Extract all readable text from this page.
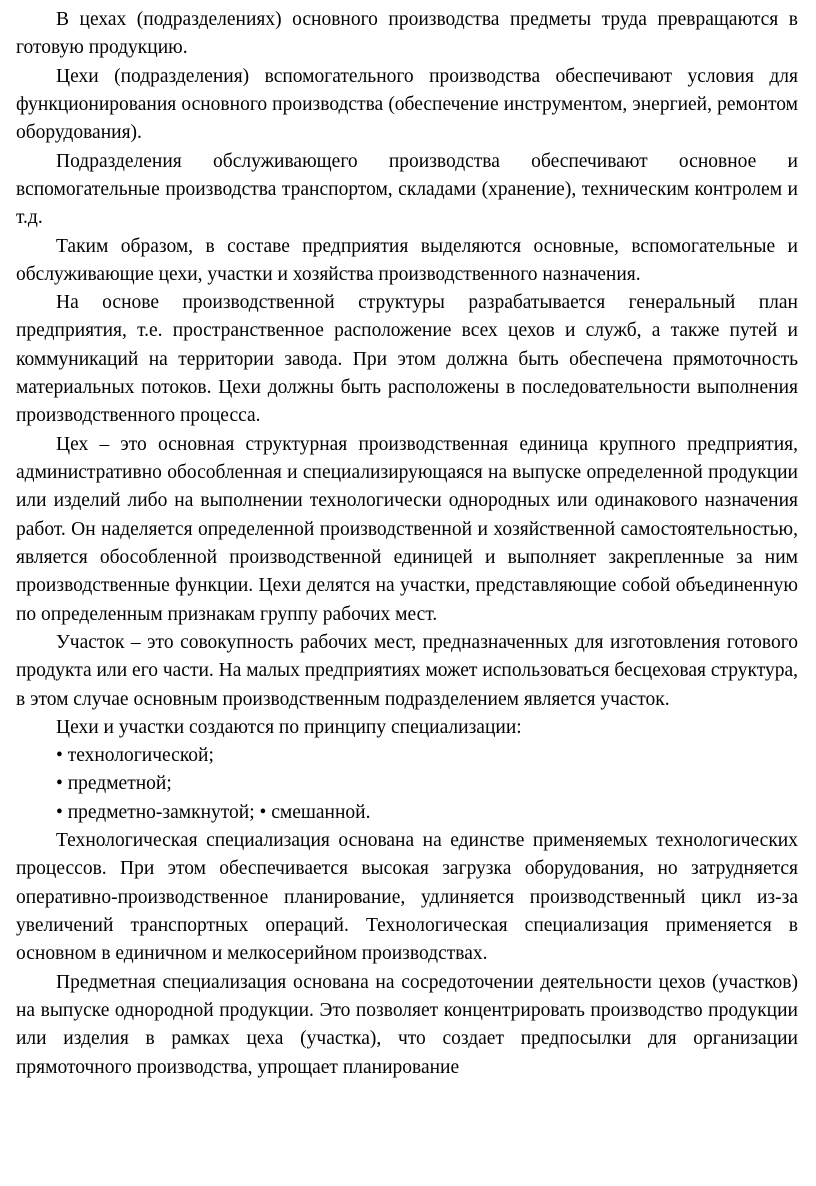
В цехах (подразделениях) основного производства предметы труда превращаются в готовую продукцию.

Цехи (подразделения) вспомогательного производства обеспечивают условия для функционирования основного производства (обеспечение инструментом, энергией, ремонтом оборудования).

Подразделения обслуживающего производства обеспечивают основное и вспомогательные производства транспортом, складами (хранение), техническим контролем и т.д.

Таким образом, в составе предприятия выделяются основные, вспомогательные и обслуживающие цехи, участки и хозяйства производственного назначения.

На основе производственной структуры разрабатывается генеральный план предприятия, т.е. пространственное расположение всех цехов и служб, а также путей и коммуникаций на территории завода. При этом должна быть обеспечена прямоточность материальных потоков. Цехи должны быть расположены в последовательности выполнения производственного процесса.

Цех – это основная структурная производственная единица крупного предприятия, административно обособленная и специализирующаяся на выпуске определенной продукции или изделий либо на выполнении технологически однородных или одинакового назначения работ. Он наделяется определенной производственной и хозяйственной самостоятельностью, является обособленной производственной единицей и выполняет закрепленные за ним производственные функции. Цехи делятся на участки, представляющие собой объединенную по определенным признакам группу рабочих мест.

Участок – это совокупность рабочих мест, предназначенных для изготовления готового продукта или его части. На малых предприятиях может использоваться бесцеховая структура, в этом случае основным производственным подразделением является участок.

Цехи и участки создаются по принципу специализации:

• технологической;

• предметной;

• предметно-замкнутой; • смешанной.

Технологическая специализация основана на единстве применяемых технологических процессов. При этом обеспечивается высокая загрузка оборудования, но затрудняется оперативно-производственное планирование, удлиняется производственный цикл из-за увеличений транспортных операций. Технологическая специализация применяется в основном в единичном и мелкосерийном производствах.

Предметная специализация основана на сосредоточении деятельности цехов (участков) на выпуске однородной продукции. Это позволяет концентрировать производство продукции или изделия в рамках цеха (участка), что создает предпосылки для организации прямоточного производства, упрощает планирование
